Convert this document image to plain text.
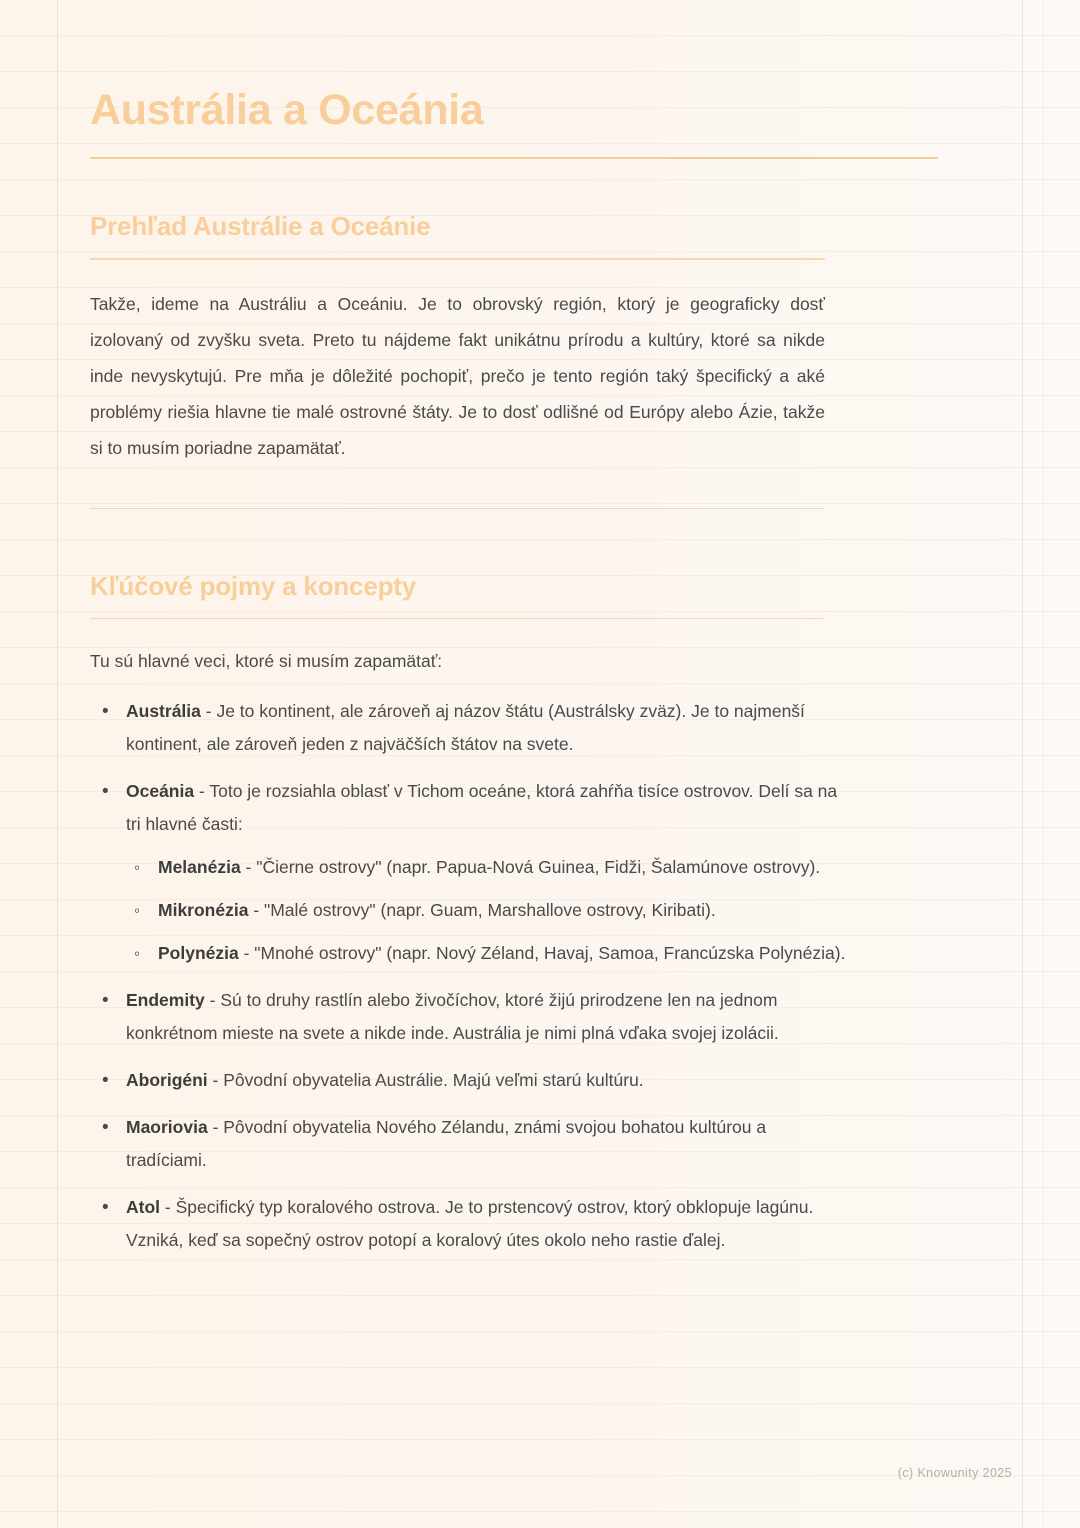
Austrália a Oceánia
Prehľad Austrálie a Oceánie

Takže, ideme na Austráliu a Oceániu. Je to obrovský región, ktorý je geograficky dosť izolovaný od zvyšku sveta. Preto tu nájdeme fakt unikátnu prírodu a kultúry, ktoré sa nikde inde nevyskytujú. Pre mňa je dôležité pochopiť, prečo je tento región taký špecifický a aké problémy riešia hlavne tie malé ostrovné štáty. Je to dosť odlišné od Európy alebo Ázie, takže si to musím poriadne zapamätať.

Kľúčové pojmy a koncepty

Tu sú hlavné veci, ktoré si musím zapamätať:

• Austrália - Je to kontinent, ale zároveň aj názov štátu (Austrálsky zväz). Je to najmenší kontinent, ale zároveň jeden z najväčších štátov na svete.
• Oceánia - Toto je rozsiahla oblasť v Tichom oceáne, ktorá zahŕňa tisíce ostrovov. Delí sa na tri hlavné časti:
◦ Melanézia - "Čierne ostrovy" (napr. Papua-Nová Guinea, Fidži, Šalamúnove ostrovy).
◦ Mikronézia - "Malé ostrovy" (napr. Guam, Marshallove ostrovy, Kiribati).
◦ Polynézia - "Mnohé ostrovy" (napr. Nový Zéland, Havaj, Samoa, Francúzska Polynézia).
• Endemity - Sú to druhy rastlín alebo živočíchov, ktoré žijú prirodzene len na jednom konkrétnom mieste na svete a nikde inde. Austrália je nimi plná vďaka svojej izolácii.
• Aborigéni - Pôvodní obyvatelia Austrálie. Majú veľmi starú kultúru.
• Maoriovia - Pôvodní obyvatelia Nového Zélandu, známi svojou bohatou kultúrou a tradíciami.
• Atol - Špecifický typ koralového ostrova. Je to prstencový ostrov, ktorý obklopuje lagúnu. Vzniká, keď sa sopečný ostrov potopí a koralový útes okolo neho rastie ďalej.
(c) Knowunity 2025
